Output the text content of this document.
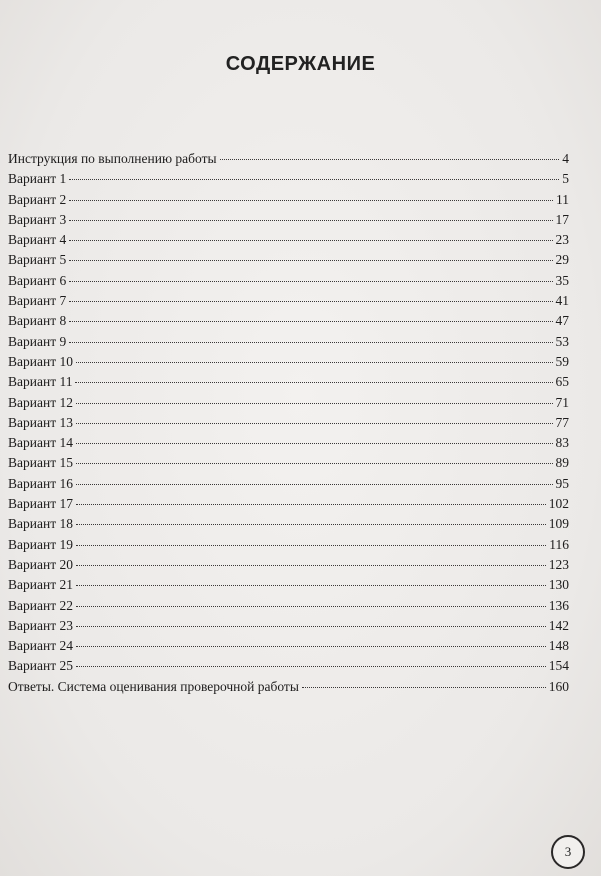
СОДЕРЖАНИЕ
Инструкция по выполнению работы	4
Вариант 1	5
Вариант 2	11
Вариант 3	17
Вариант 4	23
Вариант 5	29
Вариант 6	35
Вариант 7	41
Вариант 8	47
Вариант 9	53
Вариант 10	59
Вариант 11	65
Вариант 12	71
Вариант 13	77
Вариант 14	83
Вариант 15	89
Вариант 16	95
Вариант 17	102
Вариант 18	109
Вариант 19	116
Вариант 20	123
Вариант 21	130
Вариант 22	136
Вариант 23	142
Вариант 24	148
Вариант 25	154
Ответы. Система оценивания проверочной работы	160
3
